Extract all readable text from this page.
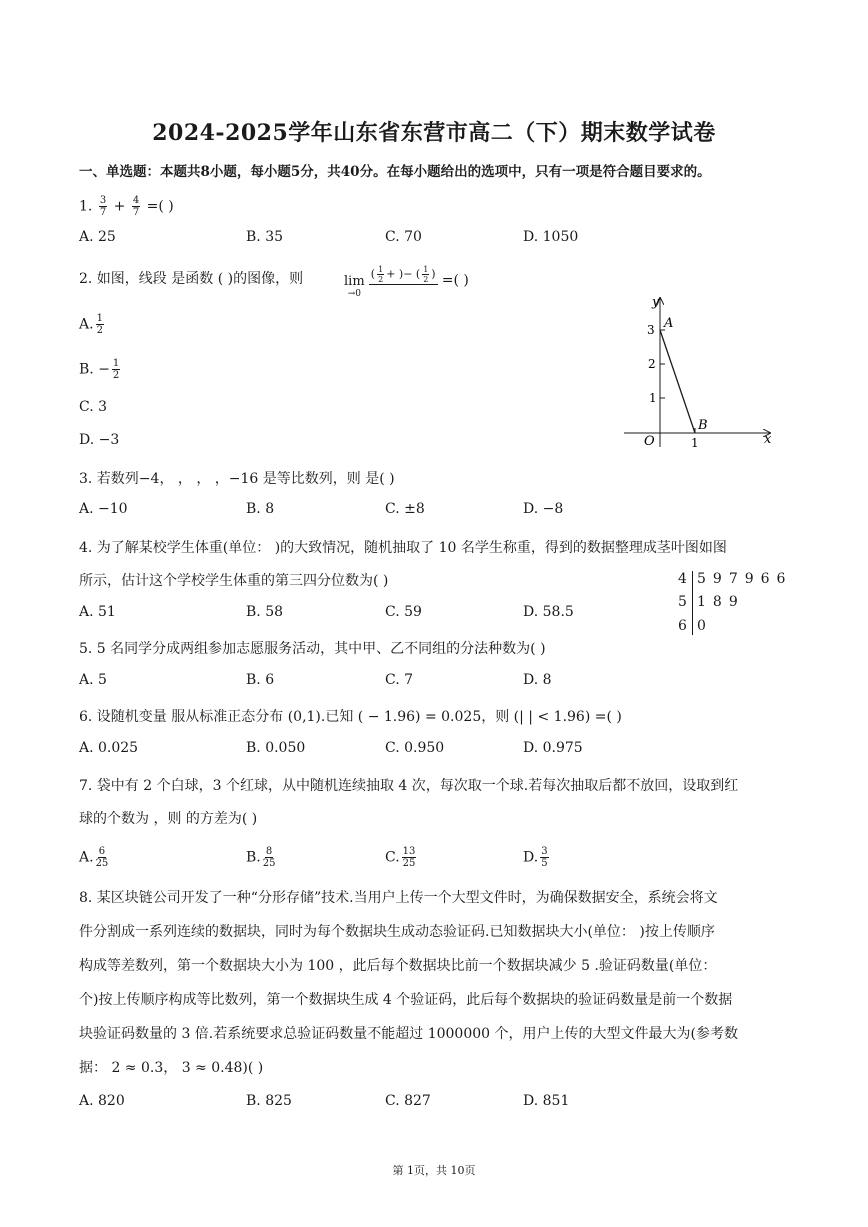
2024-2025学年山东省东营市高二（下）期末数学试卷
一、单选题：本题共8小题，每小题5分，共40分。在每小题给出的选项中，只有一项是符合题目要求的。
1. $\frac{3}{7} + \frac{4}{7}$ =( )
A. 25	B. 35	C. 70	D. 1050
2. 如图，线段 是函数 ( )的图像，则	lim
→0

( $\frac{1}{2}$ + )− ( $\frac{1}{2}$ ) =( )
A. $\frac{1}{2}$
B. − $\frac{1}{2}$
C. 3
D. −3
y
x
O
A
B
3
2
1
1
3. 若数列−4， ， ， ，−16 是等比数列，则 是( )
A. −10	B. 8	C. ±8	D. −8
4. 为了解某校学生体重(单位： )的大致情况，随机抽取了 10 名学生称重，得到的数据整理成茎叶图如图
所示，估计这个学校学生体重的第三四分位数为( )
A. 51	B. 58	C. 59	D. 58.5
4 597966
5 189
6 0
5. 5 名同学分成两组参加志愿服务活动，其中甲、乙不同组的分法种数为( )
A. 5	B. 6	C. 7	D. 8
6. 设随机变量 服从标准正态分布 (0,1).已知 ( − 1.96) = 0.025，则 (| | < 1.96) =( )
A. 0.025	B. 0.050	C. 0.950	D. 0.975
7. 袋中有 2 个白球，3 个红球，从中随机连续抽取 4 次，每次取一个球.若每次抽取后都不放回，设取到红
球的个数为 ，则 的方差为( )
A. $\frac{6}{25}$	B. $\frac{8}{25}$	C. $\frac{13}{25}$	D. $\frac{3}{5}$
8. 某区块链公司开发了一种“分形存储”技术.当用户上传一个大型文件时，为确保数据安全，系统会将文
件分割成一系列连续的数据块，同时为每个数据块生成动态验证码.已知数据块大小(单位： )按上传顺序
构成等差数列，第一个数据块大小为 100 ，此后每个数据块比前一个数据块减少 5 .验证码数量(单位：
个)按上传顺序构成等比数列，第一个数据块生成 4 个验证码，此后每个数据块的验证码数量是前一个数据
块验证码数量的 3 倍.若系统要求总验证码数量不能超过 1000000 个，用户上传的大型文件最大为(参考数
据： 2 ≈ 0.3， 3 ≈ 0.48)( )
A. 820	B. 825	C. 827	D. 851
第 1页，共 10页
